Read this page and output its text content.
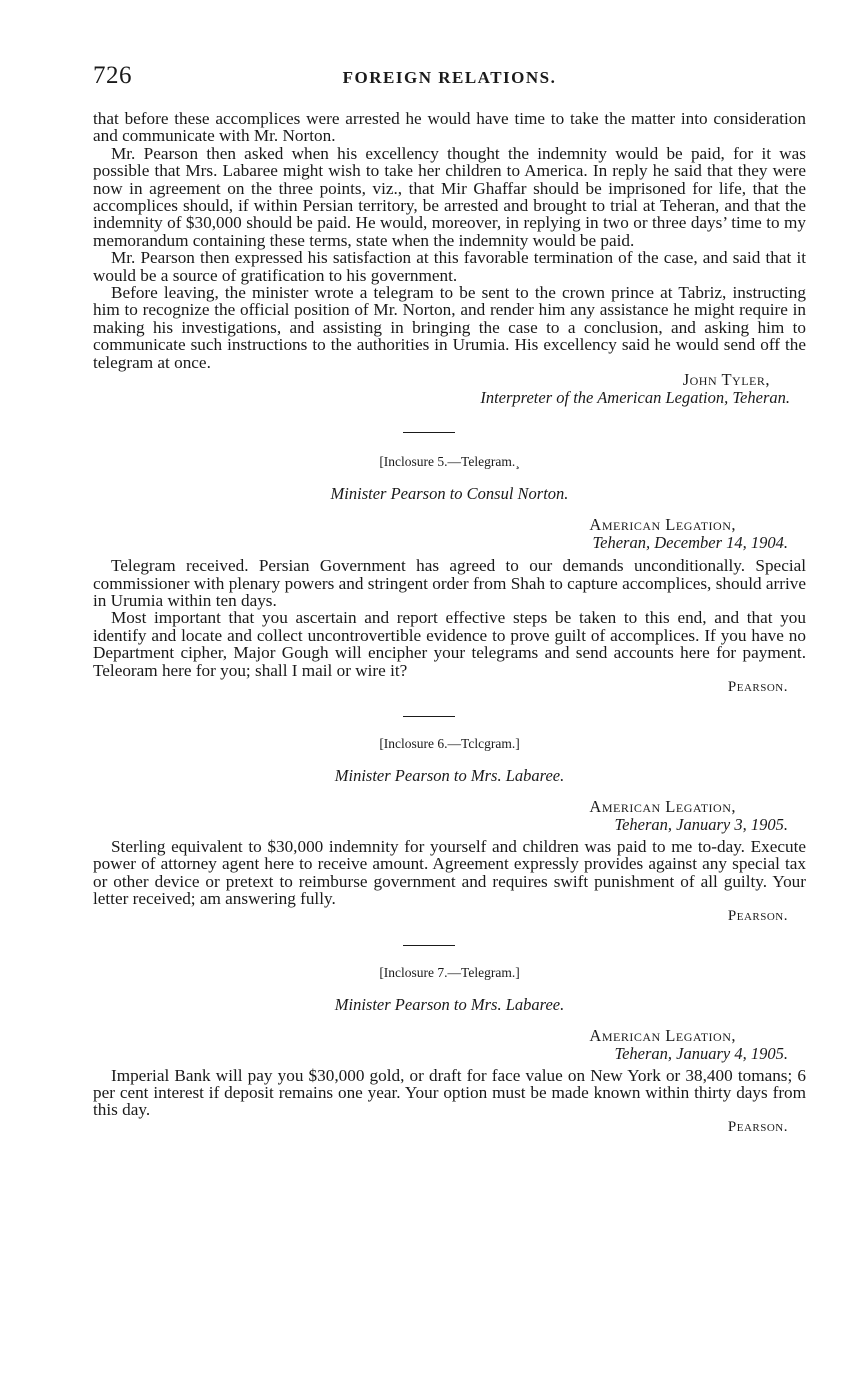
726	FOREIGN RELATIONS.

that before these accomplices were arrested he would have time to take the matter into consideration and communicate with Mr. Norton.

Mr. Pearson then asked when his excellency thought the indemnity would be paid, for it was possible that Mrs. Labaree might wish to take her children to America. In reply he said that they were now in agreement on the three points, viz., that Mir Ghaffar should be imprisoned for life, that the accomplices should, if within Persian territory, be arrested and brought to trial at Teheran, and that the indemnity of $30,000 should be paid. He would, moreover, in replying in two or three days’ time to my memorandum containing these terms, state when the indemnity would be paid.

Mr. Pearson then expressed his satisfaction at this favorable termination of the case, and said that it would be a source of gratification to his government.

Before leaving, the minister wrote a telegram to be sent to the crown prince at Tabriz, instructing him to recognize the official position of Mr. Norton, and render him any assistance he might require in making his investigations, and assisting in bringing the case to a conclusion, and asking him to communicate such instructions to the authorities in Urumia. His excellency said he would send off the telegram at once.

John Tyler,
Interpreter of the American Legation, Teheran.
[Inclosure 5.—Telegram.¸
Minister Pearson to Consul Norton.
American Legation,
Teheran, December 14, 1904.

Telegram received. Persian Government has agreed to our demands unconditionally. Special commissioner with plenary powers and stringent order from Shah to capture accomplices, should arrive in Urumia within ten days.

Most important that you ascertain and report effective steps be taken to this end, and that you identify and locate and collect uncontrovertible evidence to prove guilt of accomplices. If you have no Department cipher, Major Gough will encipher your telegrams and send accounts here for payment. Teleoram here for you; shall I mail or wire it?

Pearson.
[Inclosure 6.—Tclcgram.]
Minister Pearson to Mrs. Labaree.
American Legation,
Teheran, January 3, 1905.

Sterling equivalent to $30,000 indemnity for yourself and children was paid to me to-day. Execute power of attorney agent here to receive amount. Agreement expressly provides against any special tax or other device or pretext to reimburse government and requires swift punishment of all guilty. Your letter received; am answering fully.

Pearson.
[Inclosure 7.—Telegram.]
Minister Pearson to Mrs. Labaree.
American Legation,
Teheran, January 4, 1905.

Imperial Bank will pay you $30,000 gold, or draft for face value on New York or 38,400 tomans; 6 per cent interest if deposit remains one year. Your option must be made known within thirty days from this day.

Pearson.
